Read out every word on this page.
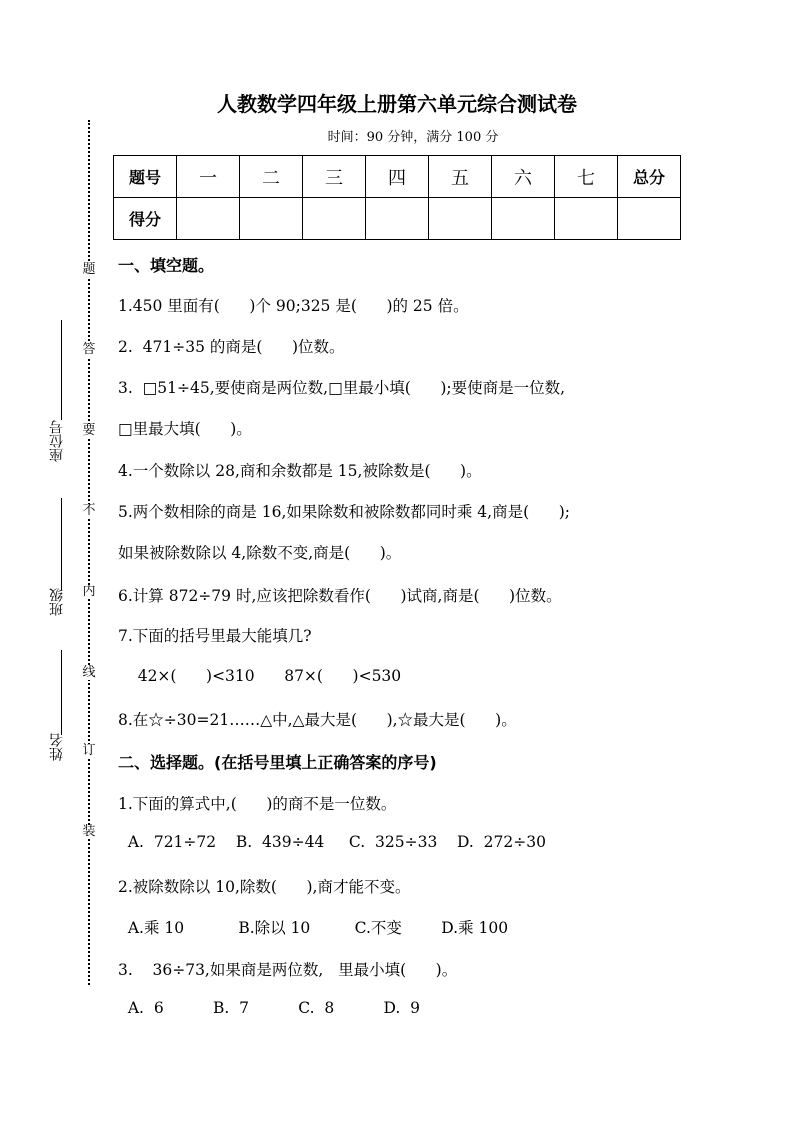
题
答
要
不
内
线
订
装
座位号
班级
姓名
人教数学四年级上册第六单元综合测试卷
时间：90 分钟，满分 100 分
题号	一	二	三	四	五	六	七	总分
得分								
一、填空题。
1.450 里面有(      )个 90;325 是(      )的 25 倍。
2.  471÷35 的商是(      )位数。
3.  □51÷45,要使商是两位数,□里最小填(      );要使商是一位数,
□里最大填(      )。
4.一个数除以 28,商和余数都是 15,被除数是(      )。
5.两个数相除的商是 16,如果除数和被除数都同时乘 4,商是(      );
如果被除数除以 4,除数不变,商是(      )。
6.计算 872÷79 时,应该把除数看作(      )试商,商是(      )位数。
7.下面的括号里最大能填几?
42×(      )<310      87×(      )<530
8.在☆÷30=21……△中,△最大是(      ),☆最大是(      )。
二、选择题。(在括号里填上正确答案的序号)
1.下面的算式中,(      )的商不是一位数。
A.  721÷72    B.  439÷44     C.  325÷33    D.  272÷30
2.被除数除以 10,除数(      ),商才能不变。
A.乘 10           B.除以 10         C.不变        D.乘 100
3.    36÷73,如果商是两位数,   里最小填(      )。
A.  6          B.  7          C.  8          D.  9
